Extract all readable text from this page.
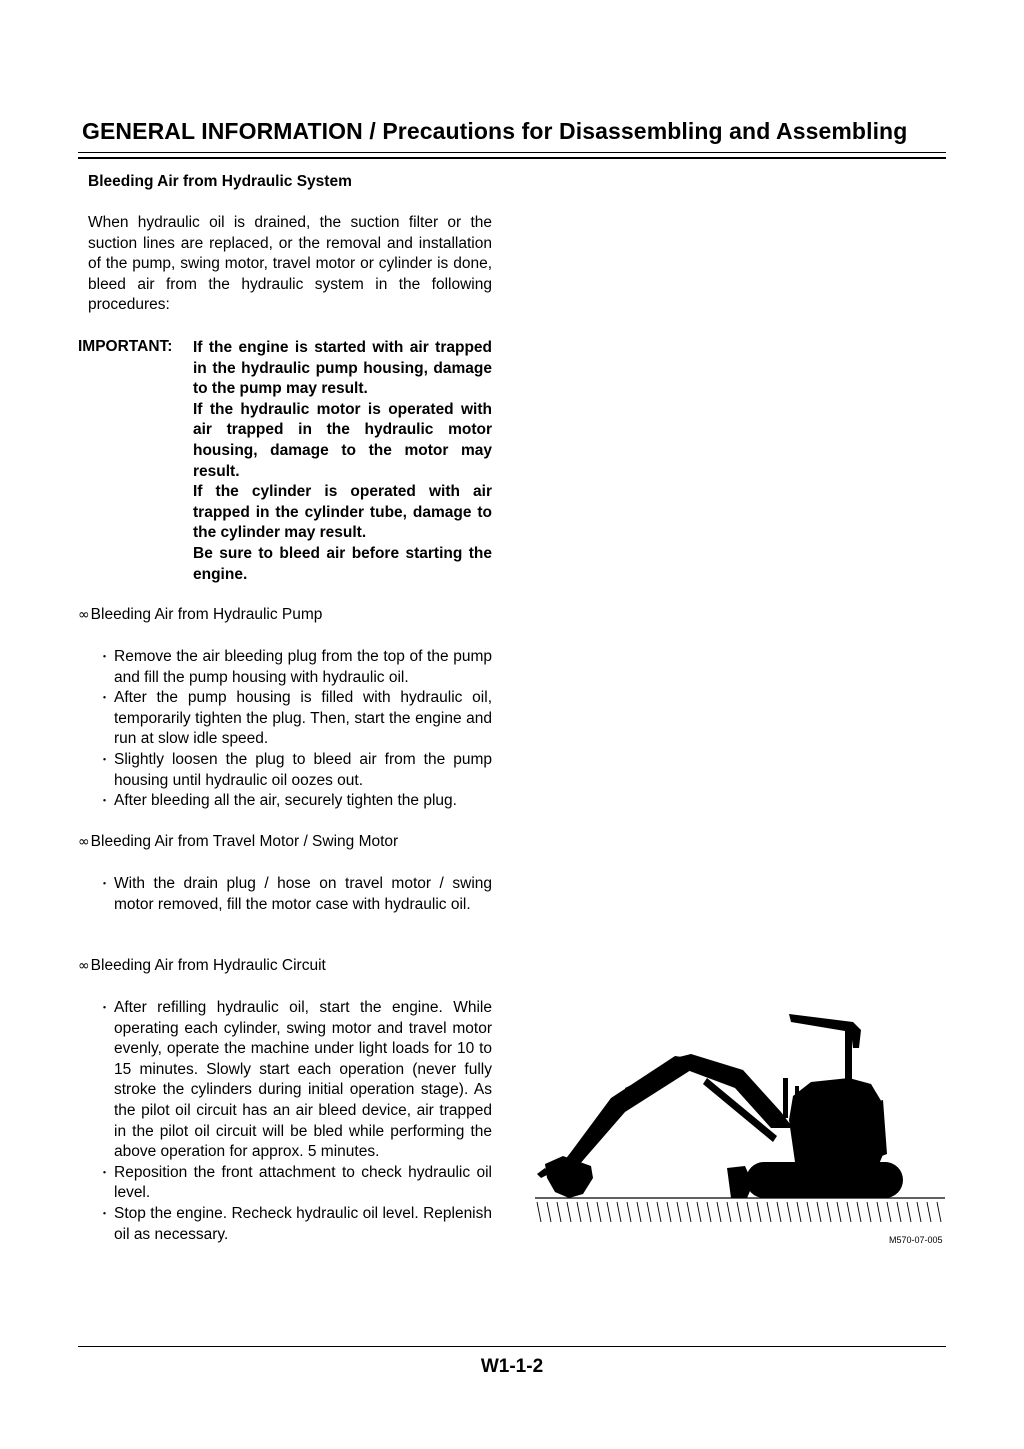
GENERAL INFORMATION / Precautions for Disassembling and Assembling
Bleeding Air from Hydraulic System
When hydraulic oil is drained, the suction filter or the suction lines are replaced, or the removal and installation of the pump, swing motor, travel motor or cylinder is done, bleed air from the hydraulic system in the following procedures:
IMPORTANT: If the engine is started with air trapped in the hydraulic pump housing, damage to the pump may result.

If the hydraulic motor is operated with air trapped in the hydraulic motor housing, damage to the motor may result.

If the cylinder is operated with air trapped in the cylinder tube, damage to the cylinder may result.

Be sure to bleed air before starting the engine.

∞Bleeding Air from Hydraulic Pump
・ Remove the air bleeding plug from the top of the pump and fill the pump housing with hydraulic oil.
・ After the pump housing is filled with hydraulic oil, temporarily tighten the plug. Then, start the engine and run at slow idle speed.
・ Slightly loosen the plug to bleed air from the pump housing until hydraulic oil oozes out.
・ After bleeding all the air, securely tighten the plug.
∞Bleeding Air from Travel Motor / Swing Motor
・ With the drain plug / hose on travel motor / swing motor removed, fill the motor case with hydraulic oil.
∞Bleeding Air from Hydraulic Circuit
・ After refilling hydraulic oil, start the engine. While operating each cylinder, swing motor and travel motor evenly, operate the machine under light loads for 10 to 15 minutes. Slowly start each operation (never fully stroke the cylinders during initial operation stage). As the pilot oil circuit has an air bleed device, air trapped in the pilot oil circuit will be bled while performing the above operation for approx. 5 minutes.
・ Reposition the front attachment to check hydraulic oil level.
・ Stop the engine. Recheck hydraulic oil level. Replenish oil as necessary.	M570-07-005
W1-1-2
